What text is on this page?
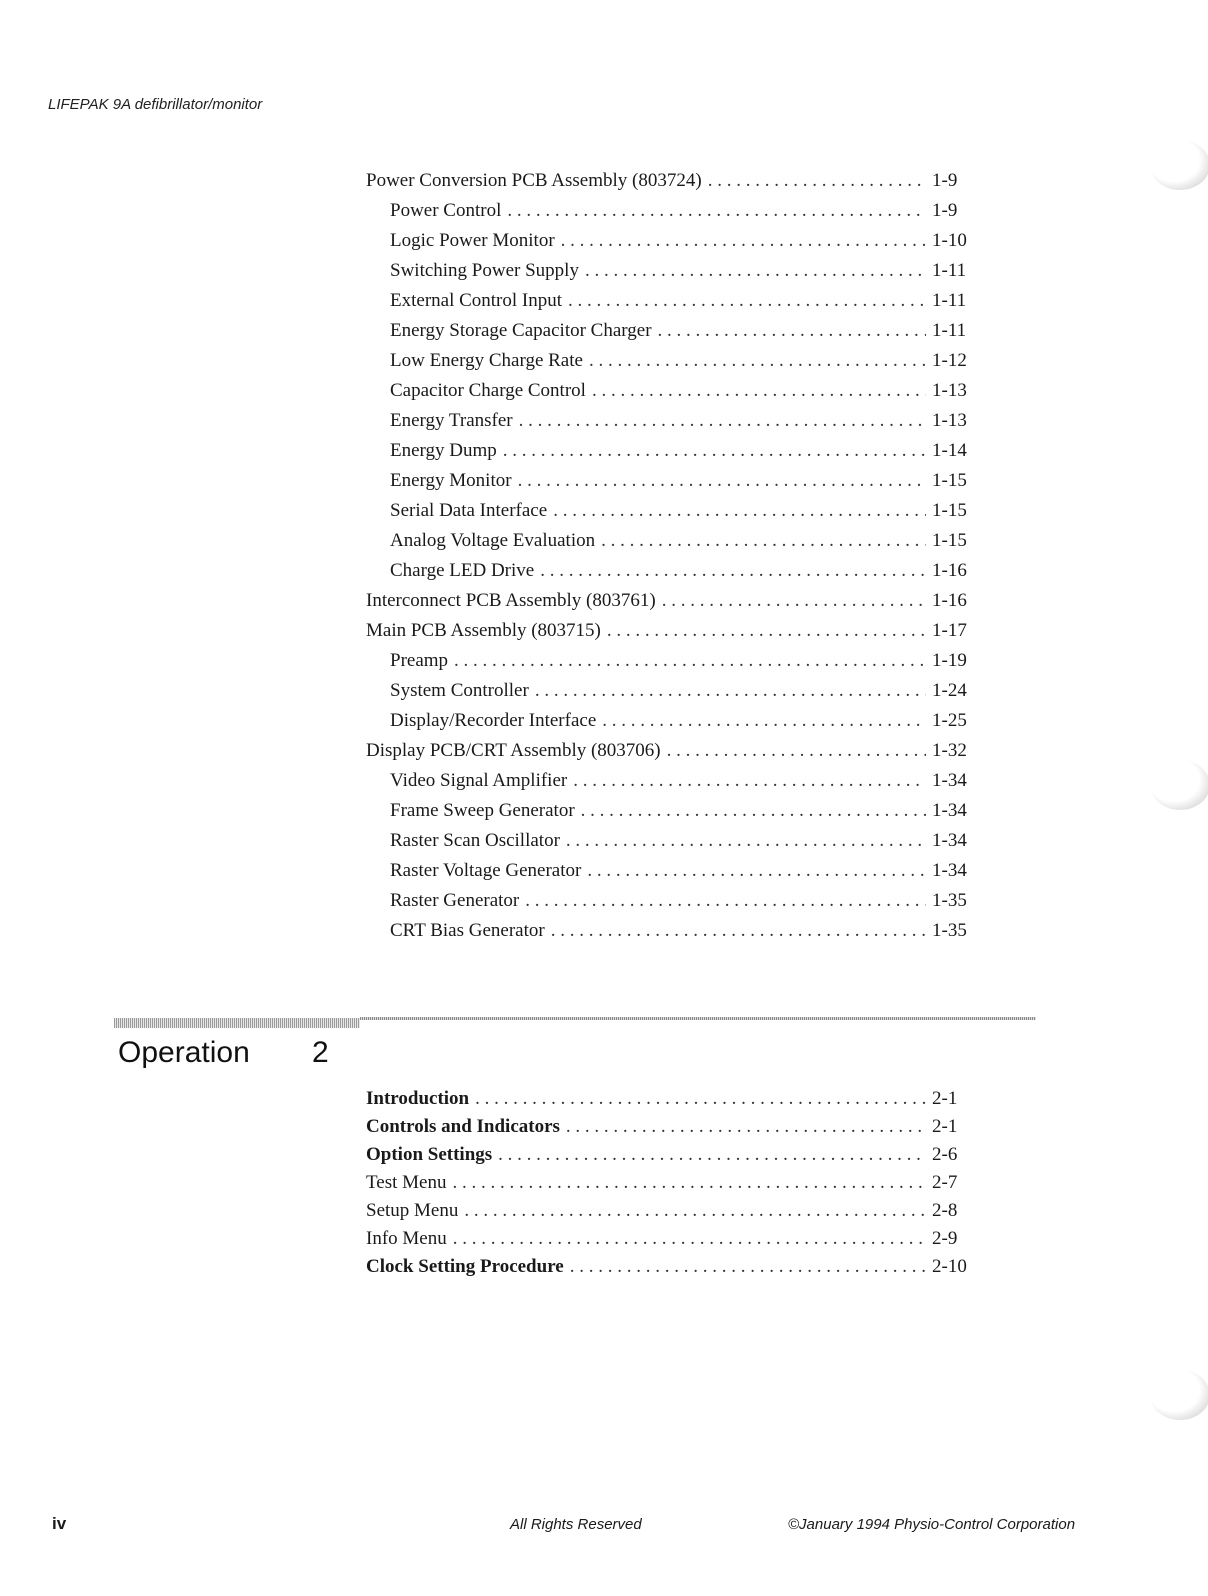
LIFEPAK 9A defibrillator/monitor
Power Conversion PCB Assembly (803724) . . .	1-9
Power Control . . .	1-9
Logic Power Monitor . . .	1-10
Switching Power Supply . . .	1-11
External Control Input . . .	1-11
Energy Storage Capacitor Charger . . .	1-11
Low Energy Charge Rate . . .	1-12
Capacitor Charge Control . . .	1-13
Energy Transfer . . .	1-13
Energy Dump . . .	1-14
Energy Monitor . . .	1-15
Serial Data Interface . . .	1-15
Analog Voltage Evaluation . . .	1-15
Charge LED Drive . . .	1-16
Interconnect PCB Assembly (803761) . . .	1-16
Main PCB Assembly (803715) . . .	1-17
Preamp . . .	1-19
System Controller . . .	1-24
Display/Recorder Interface . . .	1-25
Display PCB/CRT Assembly (803706) . . .	1-32
Video Signal Amplifier . . .	1-34
Frame Sweep Generator . . .	1-34
Raster Scan Oscillator . . .	1-34
Raster Voltage Generator . . .	1-34
Raster Generator . . .	1-35
CRT Bias Generator . . .	1-35
Operation 2
Introduction . . .	2-1
Controls and Indicators . . .	2-1
Option Settings . . .	2-6
Test Menu . . .	2-7
Setup Menu . . .	2-8
Info Menu . . .	2-9
Clock Setting Procedure . . .	2-10
iv	All Rights Reserved	©January 1994 Physio-Control Corporation
